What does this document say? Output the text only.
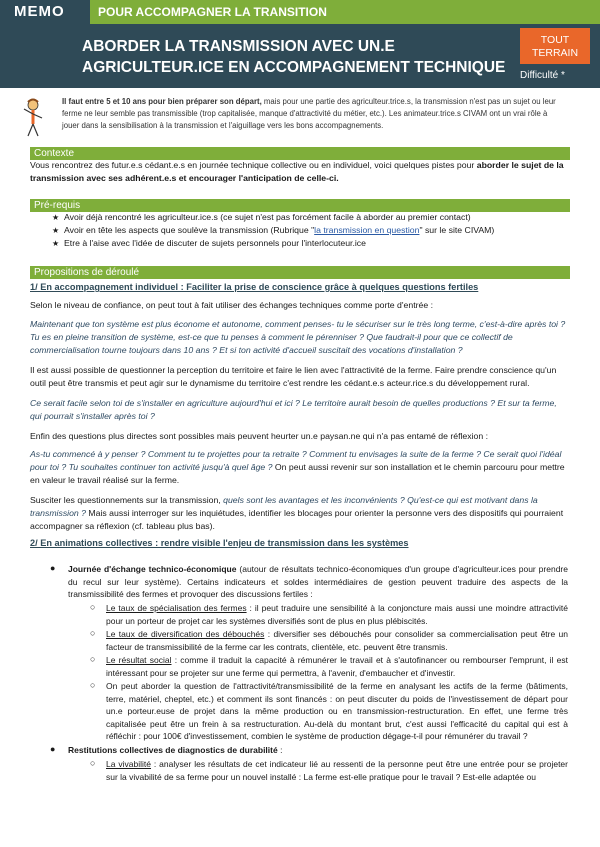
MEMO	POUR ACCOMPAGNER LA TRANSITION
ABORDER LA TRANSMISSION AVEC UN.E
AGRICULTEUR.ICE EN ACCOMPAGNEMENT TECHNIQUE
TOUT
TERRAIN
Difficulté *
Il faut entre 5 et 10 ans pour bien préparer son départ, mais pour une partie des agriculteur.trice.s, la transmission n'est pas un sujet ou leur ferme ne leur semble pas transmissible (trop capitalisée, manque d'attractivité du métier, etc.). Les animateur.trice.s CIVAM ont un vrai rôle à jouer dans la sensibilisation à la transmission et l'aiguillage vers les bons accompagnements.
Contexte
Vous rencontrez des futur.e.s cédant.e.s en journée technique collective ou en individuel, voici quelques pistes pour aborder le sujet de la transmission avec ses adhérent.e.s et encourager l'anticipation de celle-ci.
Pré-requis
★ Avoir déjà rencontré les agriculteur.ice.s (ce sujet n'est pas forcément facile à aborder au premier contact)
★ Avoir en tête les aspects que soulève la transmission (Rubrique "la transmission en question" sur le site CIVAM)
★ Etre à l'aise avec l'idée de discuter de sujets personnels pour l'interlocuteur.ice
Propositions de déroulé
1/ En accompagnement individuel : Faciliter la prise de conscience grâce à quelques questions fertiles
Selon le niveau de confiance, on peut tout à fait utiliser des échanges techniques comme porte d'entrée :
Maintenant que ton système est plus économe et autonome, comment penses- tu le sécuriser sur le très long terme, c'est-à-dire après toi ? Tu es en pleine transition de système, est-ce que tu penses à comment le pérenniser ? Que faudrait-il pour que ce collectif de commercialisation tourne toujours dans 10 ans ? Et si ton activité d'accueil suscitait des vocations d'installation ?
Il est aussi possible de questionner la perception du territoire et faire le lien avec l'attractivité de la ferme. Faire prendre conscience qu'un outil peut être transmis et peut agir sur le dynamisme du territoire c'est rendre les cédant.e.s acteur.rice.s du développement rural.
Ce serait facile selon toi de s'installer en agriculture aujourd'hui et ici ? Le territoire aurait besoin de quelles productions ? Et sur ta ferme, qui pourrait s'installer après toi ?
Enfin des questions plus directes sont possibles mais peuvent heurter un.e paysan.ne qui n'a pas entamé de réflexion :
As-tu commencé à y penser ? Comment tu te projettes pour ta retraite ? Comment tu envisages la suite de la ferme ? Ce serait quoi l'idéal pour toi ? Tu souhaites continuer ton activité jusqu'à quel âge ? On peut aussi revenir sur son installation et le chemin parcouru pour mettre en valeur le travail réalisé sur la ferme.
Susciter les questionnements sur la transmission, quels sont les avantages et les inconvénients ? Qu'est-ce qui est motivant dans la transmission ? Mais aussi interroger sur les inquiétudes, identifier les blocages pour orienter la personne vers des dispositifs qui pourraient accompagner sa réflexion (cf. tableau plus bas).
2/ En animations collectives : rendre visible l'enjeu de transmission dans les systèmes
● Journée d'échange technico-économique (autour de résultats technico-économiques d'un groupe d'agriculteur.ices pour prendre du recul sur leur système). Certains indicateurs et soldes intermédiaires de gestion peuvent traduire des aspects de la transmissibilité des fermes et provoquer des discussions fertiles :
○ Le taux de spécialisation des fermes : il peut traduire une sensibilité à la conjoncture mais aussi une moindre attractivité pour un porteur de projet car les systèmes diversifiés sont de plus en plus plébiscités.
○ Le taux de diversification des débouchés : diversifier ses débouchés pour consolider sa commercialisation peut être un facteur de transmissibilité de la ferme car les contrats, clientèle, etc. peuvent être transmis.
○ Le résultat social : comme il traduit la capacité à rémunérer le travail et à s'autofinancer ou rembourser l'emprunt, il est intéressant pour se projeter sur une ferme qui permettra, à l'avenir, d'embaucher et d'investir.
○ On peut aborder la question de l'attractivité/transmissibilité de la ferme en analysant les actifs de la ferme (bâtiments, terre, matériel, cheptel, etc.) et comment ils sont financés : on peut discuter du poids de l'investissement de départ pour un.e porteur.euse de projet dans la même production ou en transmission-restructuration. En effet, une ferme très capitalisée peut être un frein à sa restructuration. Au-delà du montant brut, c'est aussi l'efficacité du capital qui est à réfléchir : pour 100€ d'investissement, combien le système de production dégage-t-il pour rémunérer du travail ?
● Restitutions collectives de diagnostics de durabilité :
○ La vivabilité : analyser les résultats de cet indicateur lié au ressenti de la personne peut être une entrée pour se projeter sur la vivabilité de sa ferme pour un nouvel installé : La ferme est-elle pratique pour le travail ? Est-elle adaptée ou
